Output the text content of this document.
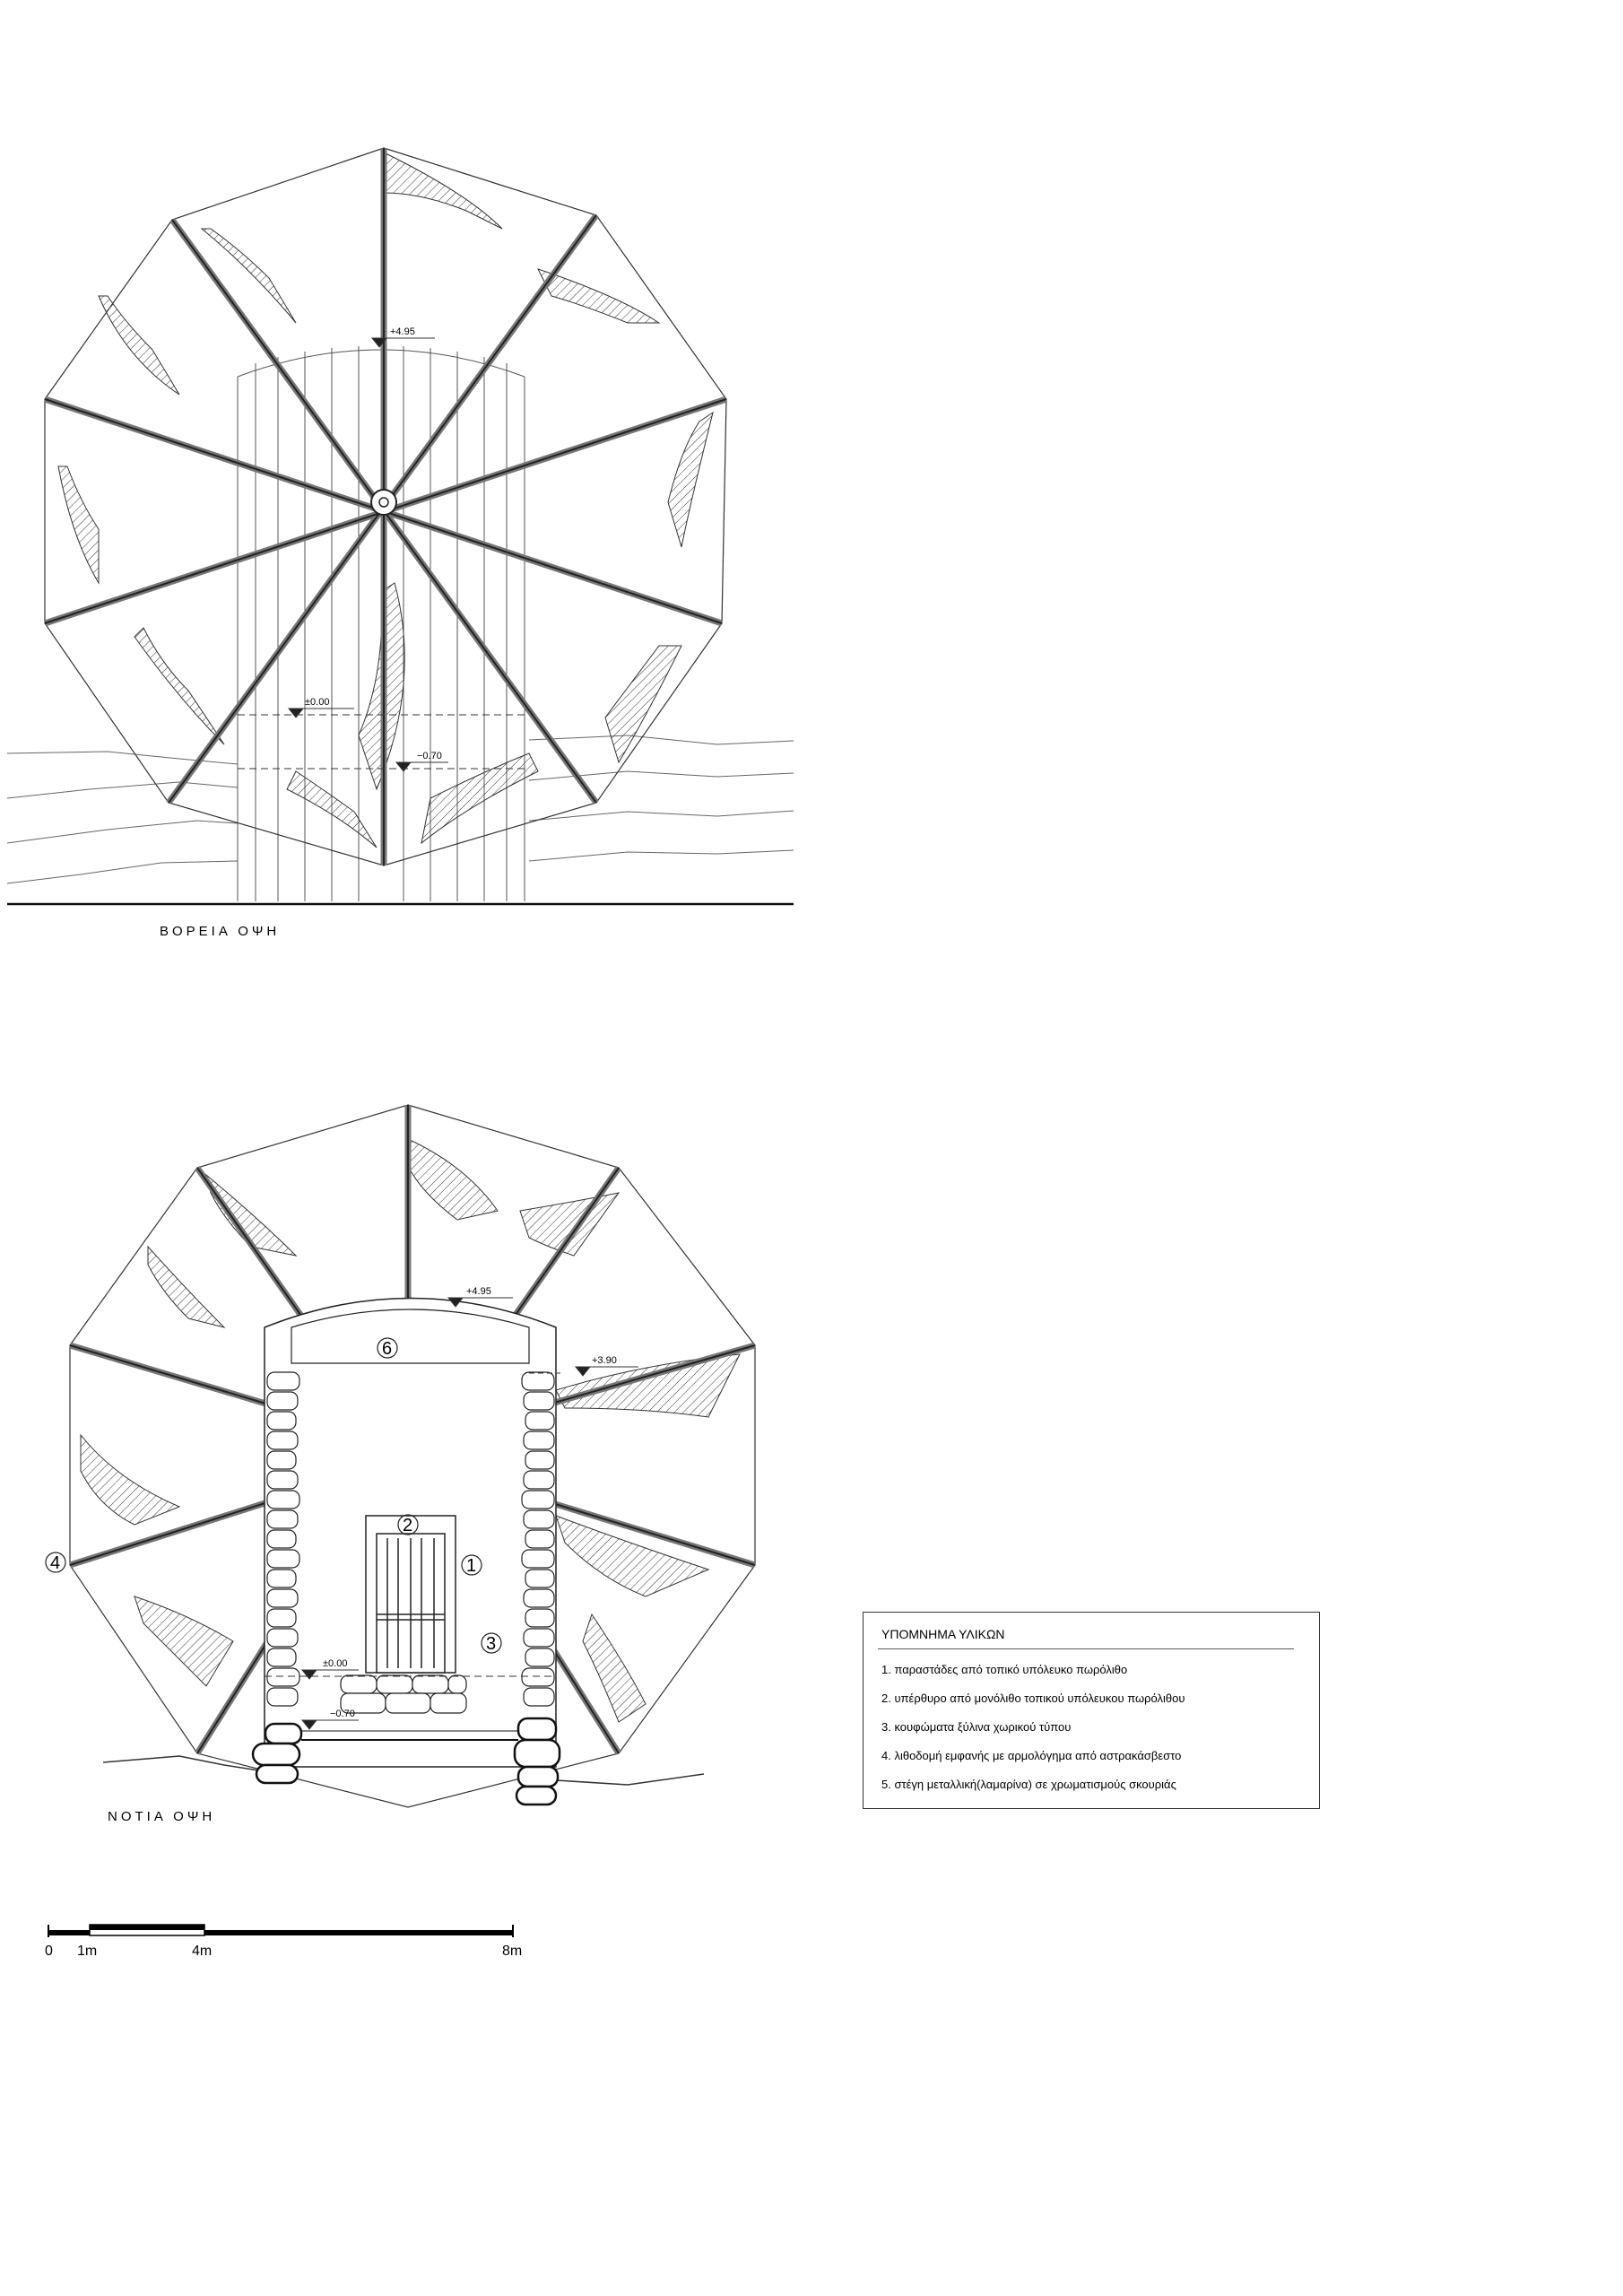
+4.95
±0.00
−0.70
ΒΟΡΕΙΑ ΟΨΗ
+4.95
+3.90
±0.00
−0.70
1
2
3
4
6
ΝΟΤΙΑ ΟΨΗ
0 1m	4m	8m
ΥΠΟΜΝΗΜΑ ΥΛΙΚΩΝ
1. παραστάδες από τοπικό υπόλευκο πωρόλιθο
2. υπέρθυρο από μονόλιθο τοπικού υπόλευκου πωρόλιθου
3. κουφώματα ξύλινα χωρικού τύπου
4. λιθοδομή εμφανής με αρμολόγημα από αστρακάσβεστο
5. στέγη μεταλλική(λαμαρίνα) σε χρωματισμούς σκουριάς
